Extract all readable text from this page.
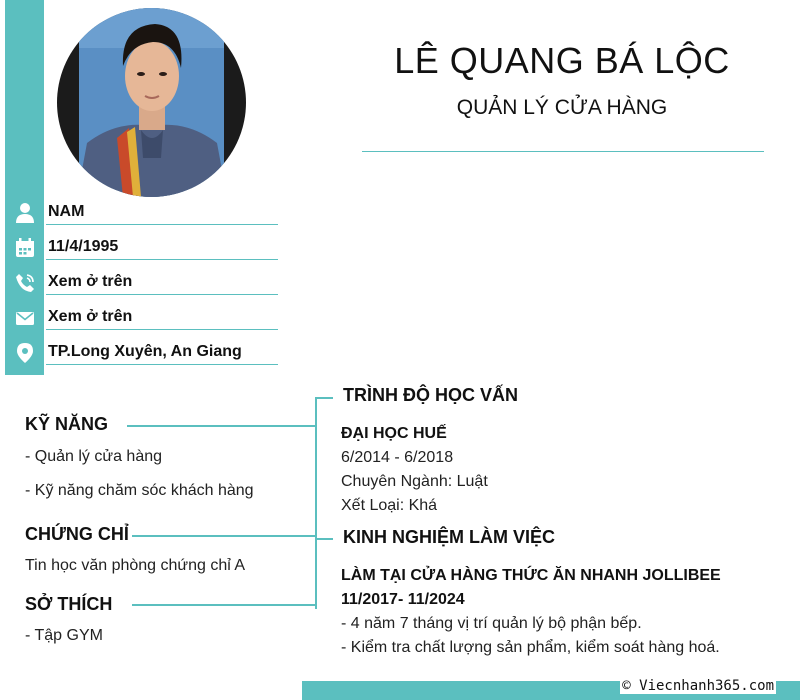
LÊ QUANG BÁ LỘC
QUẢN LÝ CỬA HÀNG
NAM
11/4/1995
Xem ở trên
Xem ở trên
TP.Long Xuyên, An Giang
KỸ NĂNG
- Quản lý cửa hàng
- Kỹ năng chăm sóc khách hàng
CHỨNG CHỈ
Tin học văn phòng chứng chỉ A
SỞ THÍCH
- Tập GYM
TRÌNH ĐỘ HỌC VẤN
ĐẠI HỌC HUẾ
6/2014 - 6/2018
Chuyên Ngành: Luật
Xết Loại: Khá
KINH NGHIỆM LÀM VIỆC
LÀM TẠI CỬA HÀNG THỨC ĂN NHANH JOLLIBEE
11/2017- 11/2024
- 4 năm 7 tháng vị trí quản lý bộ phận bếp.
- Kiểm tra chất lượng sản phẩm, kiểm soát hàng hoá.
© Viecnhanh365.com
